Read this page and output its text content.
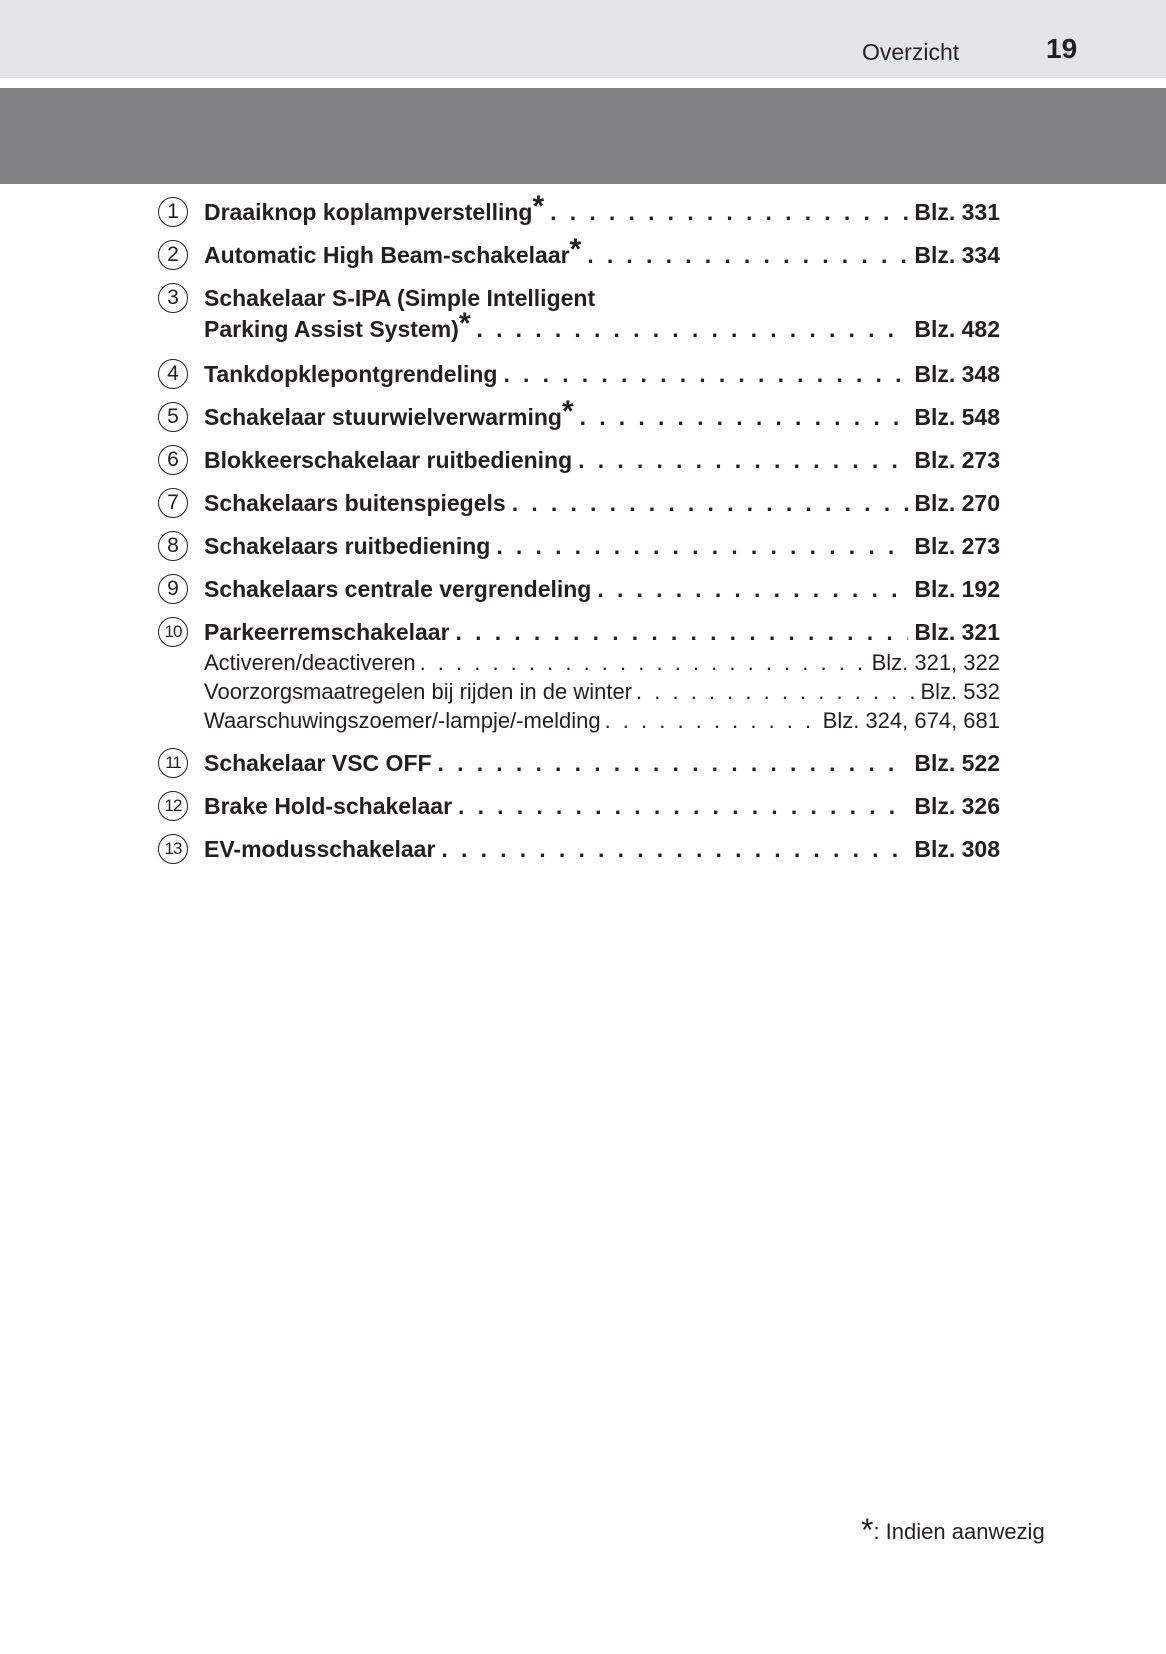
Overzicht	19
1	Draaiknop koplampverstelling * . . .	Blz. 331
2	Automatic High Beam-schakelaar * . . .	Blz. 334
3	Schakelaar S-IPA (Simple Intelligent
Parking Assist System) * . . .	Blz. 482
4	Tankdopklepontgrendeling . . .	Blz. 348
5	Schakelaar stuurwielverwarming * . . .	Blz. 548
6	Blokkeerschakelaar ruitbediening . . .	Blz. 273
7	Schakelaars buitenspiegels . . .	Blz. 270
8	Schakelaars ruitbediening . . .	Blz. 273
9	Schakelaars centrale vergrendeling . . .	Blz. 192
10 Parkeerremschakelaar . . .	Blz. 321
Activeren/deactiveren . . .	Blz. 321, 322
Voorzorgsmaatregelen bij rijden in de winter . . .	Blz. 532
Waarschuwingszoemer/-lampje/-melding . . .	Blz. 324, 674, 681
11	Schakelaar VSC OFF . . .	Blz. 522
12 Brake Hold-schakelaar . . .	Blz. 326
13 EV-modusschakelaar . . .	Blz. 308
*: Indien aanwezig
